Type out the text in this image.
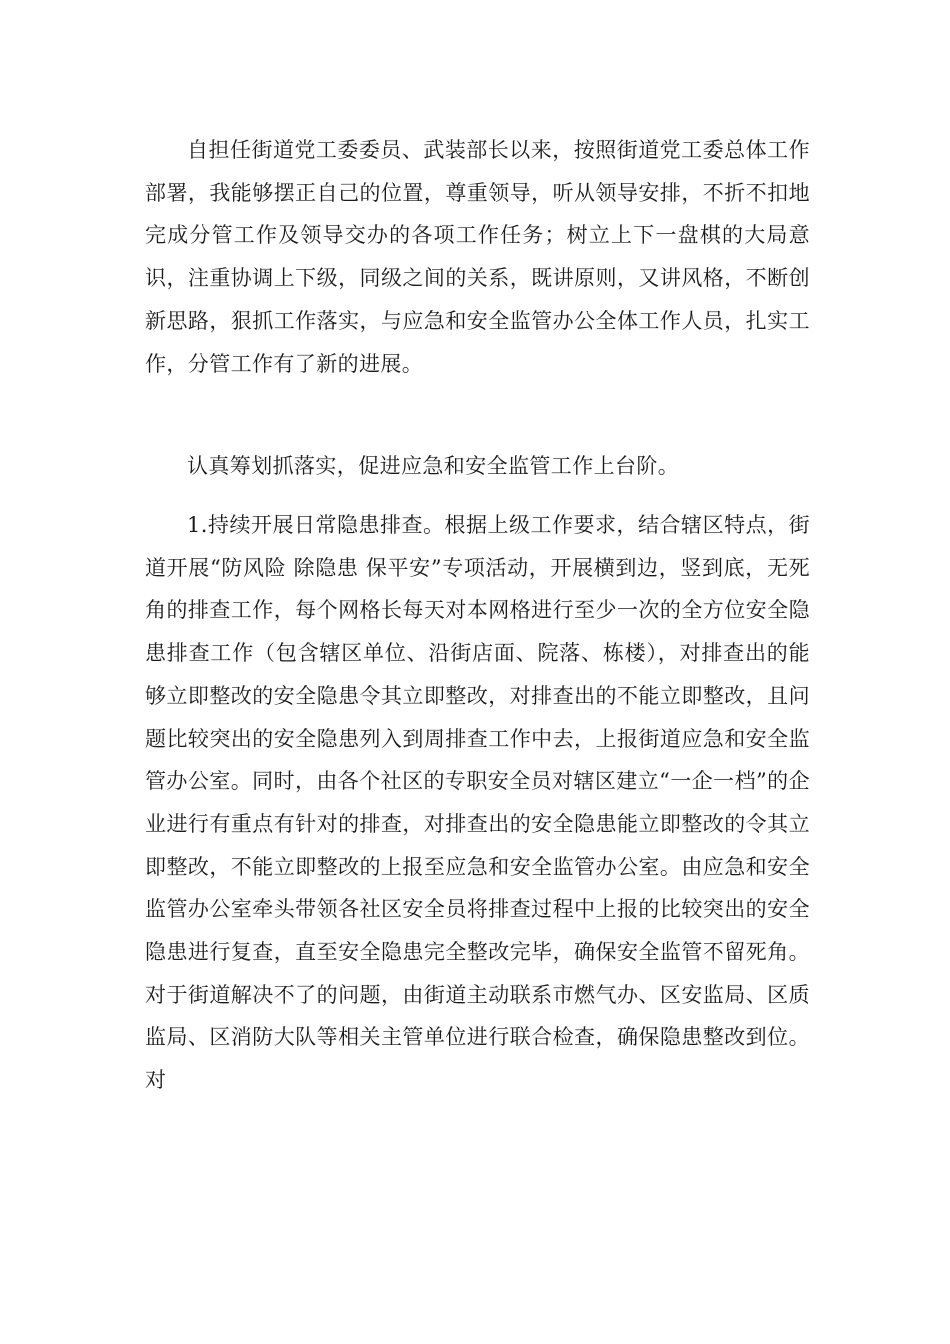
自担任街道党工委委员、武装部长以来，按照街道党工委总体工作部署，我能够摆正自己的位置，尊重领导，听从领导安排，不折不扣地完成分管工作及领导交办的各项工作任务；树立上下一盘棋的大局意识，注重协调上下级，同级之间的关系，既讲原则，又讲风格，不断创新思路，狠抓工作落实，与应急和安全监管办公全体工作人员，扎实工作，分管工作有了新的进展。

认真筹划抓落实，促进应急和安全监管工作上台阶。

1.持续开展日常隐患排查。根据上级工作要求，结合辖区特点，街道开展“防风险 除隐患 保平安”专项活动，开展横到边，竖到底，无死角的排查工作，每个网格长每天对本网格进行至少一次的全方位安全隐患排查工作（包含辖区单位、沿街店面、院落、栋楼），对排查出的能够立即整改的安全隐患令其立即整改，对排查出的不能立即整改，且问题比较突出的安全隐患列入到周排查工作中去，上报街道应急和安全监管办公室。同时，由各个社区的专职安全员对辖区建立“一企一档”的企业进行有重点有针对的排查，对排查出的安全隐患能立即整改的令其立即整改，不能立即整改的上报至应急和安全监管办公室。由应急和安全监管办公室牵头带领各社区安全员将排查过程中上报的比较突出的安全隐患进行复查，直至安全隐患完全整改完毕，确保安全监管不留死角。对于街道解决不了的问题，由街道主动联系市燃气办、区安监局、区质监局、区消防大队等相关主管单位进行联合检查，确保隐患整改到位。对
